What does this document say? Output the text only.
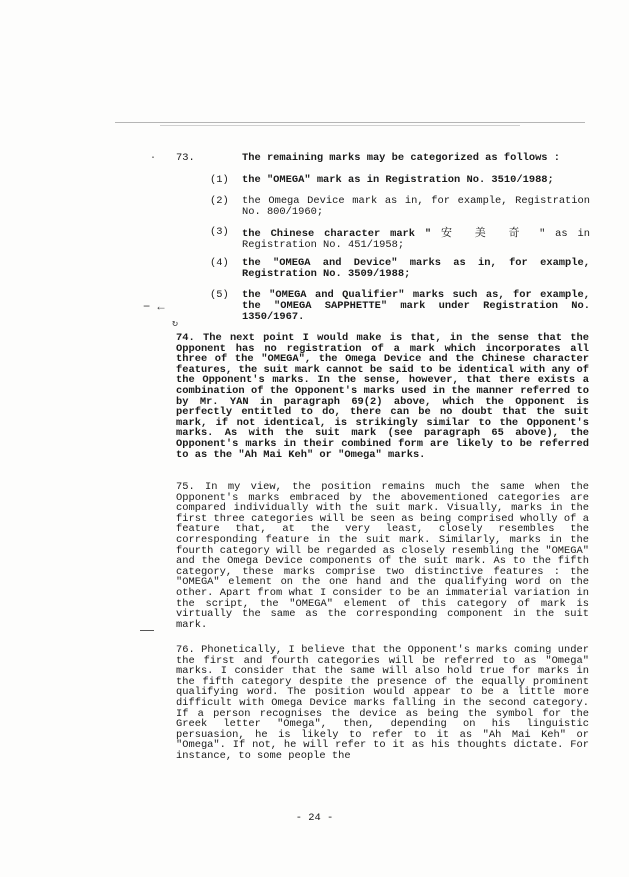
·
− ←
↻
73.	The remaining marks may be categorized as follows :
(1)	the "OMEGA" mark as in Registration No. 3510/1988;
(2)	the Omega Device mark as in, for example, Registration No. 800/1960;
(3)	the Chinese character mark " 安 美 奇 " as in Registration No. 451/1958;
(4)	the "OMEGA and Device" marks as in, for example, Registration No. 3509/1988;
(5)	the "OMEGA and Qualifier" marks such as, for example, the "OMEGA SAPPHETTE" mark under Registration No. 1350/1967.
74. The next point I would make is that, in the sense that the Opponent has no registration of a mark which incorporates all three of the "OMEGA", the Omega Device and the Chinese character features, the suit mark cannot be said to be identical with any of the Opponent's marks. In the sense, however, that there exists a combination of the Opponent's marks used in the manner referred to by Mr. YAN in paragraph 69(2) above, which the Opponent is perfectly entitled to do, there can be no doubt that the suit mark, if not identical, is strikingly similar to the Opponent's marks. As with the suit mark (see paragraph 65 above), the Opponent's marks in their combined form are likely to be referred to as the "Ah Mai Keh" or "Omega" marks.
75. In my view, the position remains much the same when the Opponent's marks embraced by the abovementioned categories are compared individually with the suit mark. Visually, marks in the first three categories will be seen as being comprised wholly of a feature that, at the very least, closely resembles the corresponding feature in the suit mark. Similarly, marks in the fourth category will be regarded as closely resembling the "OMEGA" and the Omega Device components of the suit mark. As to the fifth category, these marks comprise two distinctive features : the "OMEGA" element on the one hand and the qualifying word on the other. Apart from what I consider to be an immaterial variation in the script, the "OMEGA" element of this category of mark is virtually the same as the corresponding component in the suit mark.
76. Phonetically, I believe that the Opponent's marks coming under the first and fourth categories will be referred to as "Omega" marks. I consider that the same will also hold true for marks in the fifth category despite the presence of the equally prominent qualifying word. The position would appear to be a little more difficult with Omega Device marks falling in the second category. If a person recognises the device as being the symbol for the Greek letter "Omega", then, depending on his linguistic persuasion, he is likely to refer to it as "Ah Mai Keh" or "Omega". If not, he will refer to it as his thoughts dictate. For instance, to some people the
- 24 -
